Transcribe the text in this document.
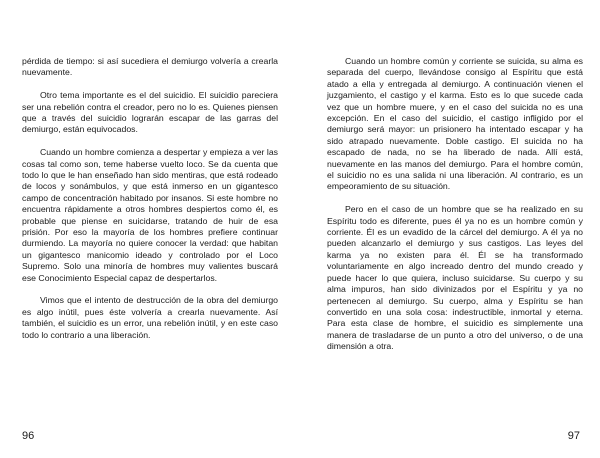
pérdida de tiempo: si así sucediera el demiurgo volvería a crearla nuevamente.

Otro tema importante es el del suicidio. El suicidio pareciera ser una rebelión contra el creador, pero no lo es. Quienes piensen que a través del suicidio lograrán escapar de las garras del demiurgo, están equivocados.

Cuando un hombre comienza a despertar y empieza a ver las cosas tal como son, teme haberse vuelto loco. Se da cuenta que todo lo que le han enseñado han sido mentiras, que está rodeado de locos y sonámbulos, y que está inmerso en un gigantesco campo de concentración habitado por insanos. Si este hombre no encuentra rápidamente a otros hombres despiertos como él, es probable que piense en suicidarse, tratando de huir de esa prisión. Por eso la mayoría de los hombres prefiere continuar durmiendo. La mayoría no quiere conocer la verdad: que habitan un gigantesco manicomio ideado y controlado por el Loco Supremo. Solo una minoría de hombres muy valientes buscará ese Conocimiento Especial capaz de despertarlos.

Vimos que el intento de destrucción de la obra del demiurgo es algo inútil, pues éste volvería a crearla nuevamente. Así también, el suicidio es un error, una rebelión inútil, y en este caso todo lo contrario a una liberación.

96

Cuando un hombre común y corriente se suicida, su alma es separada del cuerpo, llevándose consigo al Espíritu que está atado a ella y entregada al demiurgo. A continuación vienen el juzgamiento, el castigo y el karma. Esto es lo que sucede cada vez que un hombre muere, y en el caso del suicida no es una excepción. En el caso del suicidio, el castigo infligido por el demiurgo será mayor: un prisionero ha intentado escapar y ha sido atrapado nuevamente. Doble castigo. El suicida no ha escapado de nada, no se ha liberado de nada. Allí está, nuevamente en las manos del demiurgo. Para el hombre común, el suicidio no es una salida ni una liberación. Al contrario, es un empeoramiento de su situación.

Pero en el caso de un hombre que se ha realizado en su Espíritu todo es diferente, pues él ya no es un hombre común y corriente. Él es un evadido de la cárcel del demiurgo. A él ya no pueden alcanzarlo el demiurgo y sus castigos. Las leyes del karma ya no existen para él. Él se ha transformado voluntariamente en algo increado dentro del mundo creado y puede hacer lo que quiera, incluso suicidarse. Su cuerpo y su alma impuros, han sido divinizados por el Espíritu y ya no pertenecen al demiurgo. Su cuerpo, alma y Espíritu se han convertido en una sola cosa: indestructible, inmortal y eterna. Para esta clase de hombre, el suicidio es simplemente una manera de trasladarse de un punto a otro del universo, o de una dimensión a otra.

97
